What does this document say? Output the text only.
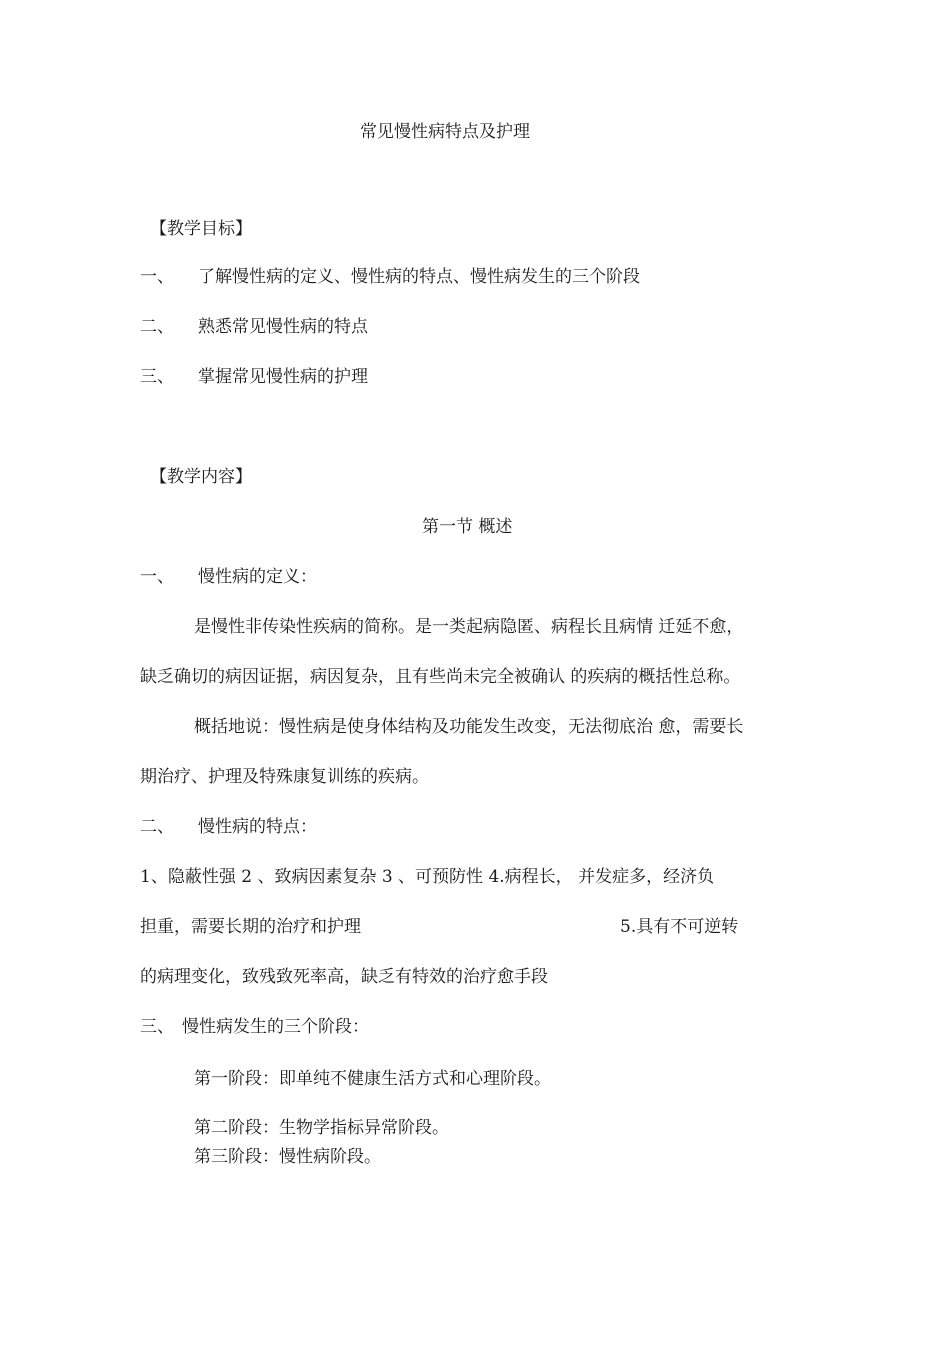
常见慢性病特点及护理
【教学目标】
一、 了解慢性病的定义、慢性病的特点、慢性病发生的三个阶段
二、 熟悉常见慢性病的特点
三、 掌握常见慢性病的护理
【教学内容】
第一节 概述
一、 慢性病的定义：
是慢性非传染性疾病的简称。是一类起病隐匿、病程长且病情 迁延不愈，
缺乏确切的病因证据，病因复杂，且有些尚未完全被确认 的疾病的概括性总称。
概括地说：慢性病是使身体结构及功能发生改变，无法彻底治 愈，需要长
期治疗、护理及特殊康复训练的疾病。
二、 慢性病的特点：
1、隐蔽性强 2 、致病因素复杂 3 、可预防性 4.病程长， 并发症多，经济负
担重，需要长期的治疗和护理	5.具有不可逆转
的病理变化，致残致死率高，缺乏有特效的治疗愈手段
三、 慢性病发生的三个阶段：
第一阶段：即单纯不健康生活方式和心理阶段。
第二阶段：生物学指标异常阶段。
第三阶段：慢性病阶段。
